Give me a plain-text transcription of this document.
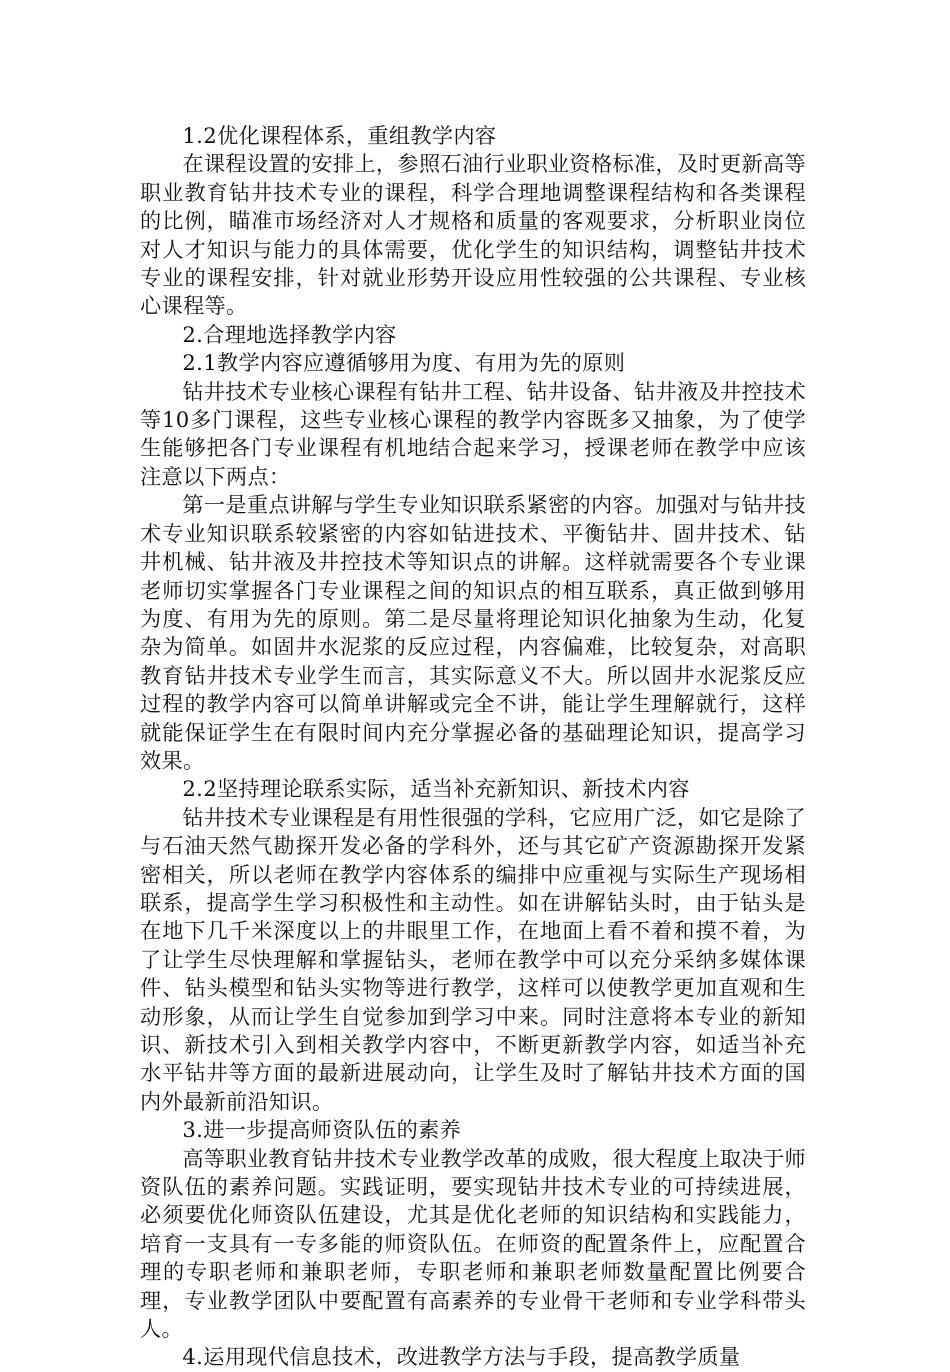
1.2优化课程体系，重组教学内容

在课程设置的安排上，参照石油行业职业资格标准，及时更新高等职业教育钻井技术专业的课程，科学合理地调整课程结构和各类课程的比例，瞄准市场经济对人才规格和质量的客观要求，分析职业岗位对人才知识与能力的具体需要，优化学生的知识结构，调整钻井技术专业的课程安排，针对就业形势开设应用性较强的公共课程、专业核心课程等。

2.合理地选择教学内容

2.1教学内容应遵循够用为度、有用为先的原则

钻井技术专业核心课程有钻井工程、钻井设备、钻井液及井控技术等10多门课程，这些专业核心课程的教学内容既多又抽象，为了使学生能够把各门专业课程有机地结合起来学习，授课老师在教学中应该注意以下两点：

第一是重点讲解与学生专业知识联系紧密的内容。加强对与钻井技术专业知识联系较紧密的内容如钻进技术、平衡钻井、固井技术、钻井机械、钻井液及井控技术等知识点的讲解。这样就需要各个专业课老师切实掌握各门专业课程之间的知识点的相互联系，真正做到够用为度、有用为先的原则。第二是尽量将理论知识化抽象为生动，化复杂为简单。如固井水泥浆的反应过程，内容偏难，比较复杂，对高职教育钻井技术专业学生而言，其实际意义不大。所以固井水泥浆反应过程的教学内容可以简单讲解或完全不讲，能让学生理解就行，这样就能保证学生在有限时间内充分掌握必备的基础理论知识，提高学习效果。

2.2坚持理论联系实际，适当补充新知识、新技术内容

钻井技术专业课程是有用性很强的学科，它应用广泛，如它是除了与石油天然气勘探开发必备的学科外，还与其它矿产资源勘探开发紧密相关，所以老师在教学内容体系的编排中应重视与实际生产现场相联系，提高学生学习积极性和主动性。如在讲解钻头时，由于钻头是在地下几千米深度以上的井眼里工作，在地面上看不着和摸不着，为了让学生尽快理解和掌握钻头，老师在教学中可以充分采纳多媒体课件、钻头模型和钻头实物等进行教学，这样可以使教学更加直观和生动形象，从而让学生自觉参加到学习中来。同时注意将本专业的新知识、新技术引入到相关教学内容中，不断更新教学内容，如适当补充水平钻井等方面的最新进展动向，让学生及时了解钻井技术方面的国内外最新前沿知识。

3.进一步提高师资队伍的素养

高等职业教育钻井技术专业教学改革的成败，很大程度上取决于师资队伍的素养问题。实践证明，要实现钻井技术专业的可持续进展，必须要优化师资队伍建设，尤其是优化老师的知识结构和实践能力，培育一支具有一专多能的师资队伍。在师资的配置条件上，应配置合理的专职老师和兼职老师，专职老师和兼职老师数量配置比例要合理，专业教学团队中要配置有高素养的专业骨干老师和专业学科带头人。

4.运用现代信息技术，改进教学方法与手段，提高教学质量
